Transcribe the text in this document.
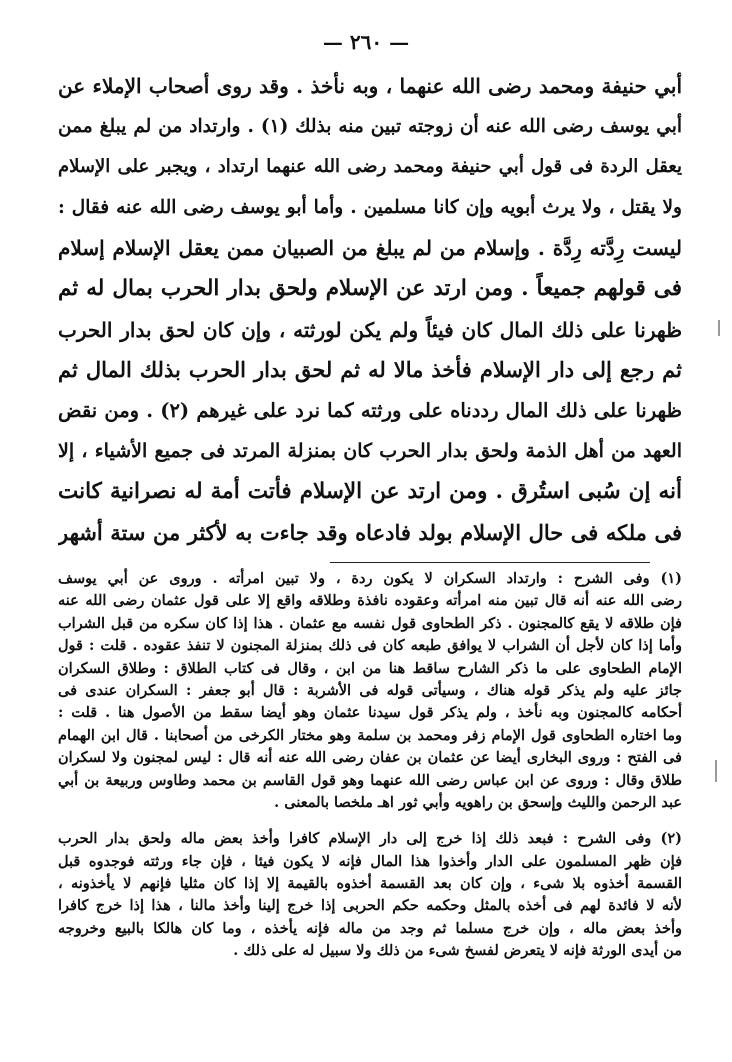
— ٢٦٠ —
أبي حنيفة ومحمد رضى الله عنهما ، وبه نأخذ . وقد روى أصحاب الإملاء عن
أبي يوسف رضى الله عنه أن زوجته تبين منه بذلك (١) . وارتداد من لم يبلغ ممن
يعقل الردة فى قول أبي حنيفة ومحمد رضى الله عنهما ارتداد ، ويجبر على الإسلام
ولا يقتل ، ولا يرث أبويه وإن كانا مسلمين . وأما أبو يوسف رضى الله عنه فقال :
ليست رِدَّته رِدَّة . وإسلام من لم يبلغ من الصبيان ممن يعقل الإسلام إسلام
فى قولهم جميعاً . ومن ارتد عن الإسلام ولحق بدار الحرب بمال له ثم
ظهرنا على ذلك المال كان فيئاً ولم يكن لورثته ، وإن كان لحق بدار الحرب
ثم رجع إلى دار الإسلام فأخذ مالا له ثم لحق بدار الحرب بذلك المال ثم
ظهرنا على ذلك المال رددناه على ورثته كما نرد على غيرهم (٢) . ومن نقض
العهد من أهل الذمة ولحق بدار الحرب كان بمنزلة المرتد فى جميع الأشياء ، إلا
أنه إن سُبى استُرق . ومن ارتد عن الإسلام فأتت أمة له نصرانية كانت
فى ملكه فى حال الإسلام بولد فادعاه وقد جاءت به لأكثر من ستة أشهر
(١) وفى الشرح : وارتداد السكران لا يكون ردة ، ولا تبين امرأته . وروى عن أبي يوسف
رضى الله عنه أنه قال تبين منه امرأته وعقوده نافذة وطلاقه واقع إلا على قول عثمان رضى الله عنه
فإن طلاقه لا يقع كالمجنون . ذكر الطحاوى قول نفسه مع عثمان . هذا إذا كان سكره من قبل الشراب
وأما إذا كان لأجل أن الشراب لا يوافق طبعه كان فى ذلك بمنزلة المجنون لا تنفذ عقوده . قلت : قول
الإمام الطحاوى على ما ذكر الشارح ساقط هنا من ابن ، وقال فى كتاب الطلاق : وطلاق السكران
جائز عليه ولم يذكر قوله هناك ، وسيأتى قوله فى الأشربة : قال أبو جعفر : السكران عندى فى
أحكامه كالمجنون وبه نأخذ ، ولم يذكر قول سيدنا عثمان وهو أيضا سقط من الأصول هنا . قلت :
وما اختاره الطحاوى قول الإمام زفر ومحمد بن سلمة وهو مختار الكرخى من أصحابنا . قال ابن الهمام
فى الفتح : وروى البخارى أيضا عن عثمان بن عفان رضى الله عنه أنه قال : ليس لمجنون ولا لسكران
طلاق وقال : وروى عن ابن عباس رضى الله عنهما وهو قول القاسم بن محمد وطاوس وربيعة بن أبي
عبد الرحمن والليث وإسحق بن راهويه وأبي ثور اهـ ملخصا بالمعنى .
(٢) وفى الشرح : فبعد ذلك إذا خرج إلى دار الإسلام كافرا وأخذ بعض ماله ولحق بدار الحرب
فإن ظهر المسلمون على الدار وأخذوا هذا المال فإنه لا يكون فيئا ، فإن جاء ورثته فوجدوه قبل
القسمة أخذوه بلا شىء ، وإن كان بعد القسمة أخذوه بالقيمة إلا إذا كان مثليا فإنهم لا يأخذونه ،
لأنه لا فائدة لهم فى أخذه بالمثل وحكمه حكم الحربى إذا خرج إلينا وأخذ مالنا ، هذا إذا خرج كافرا
وأخذ بعض ماله ، وإن خرج مسلما ثم وجد من ماله فإنه يأخذه ، وما كان هالكا بالبيع وخروجه
من أيدى الورثة فإنه لا يتعرض لفسخ شىء من ذلك ولا سبيل له على ذلك .
